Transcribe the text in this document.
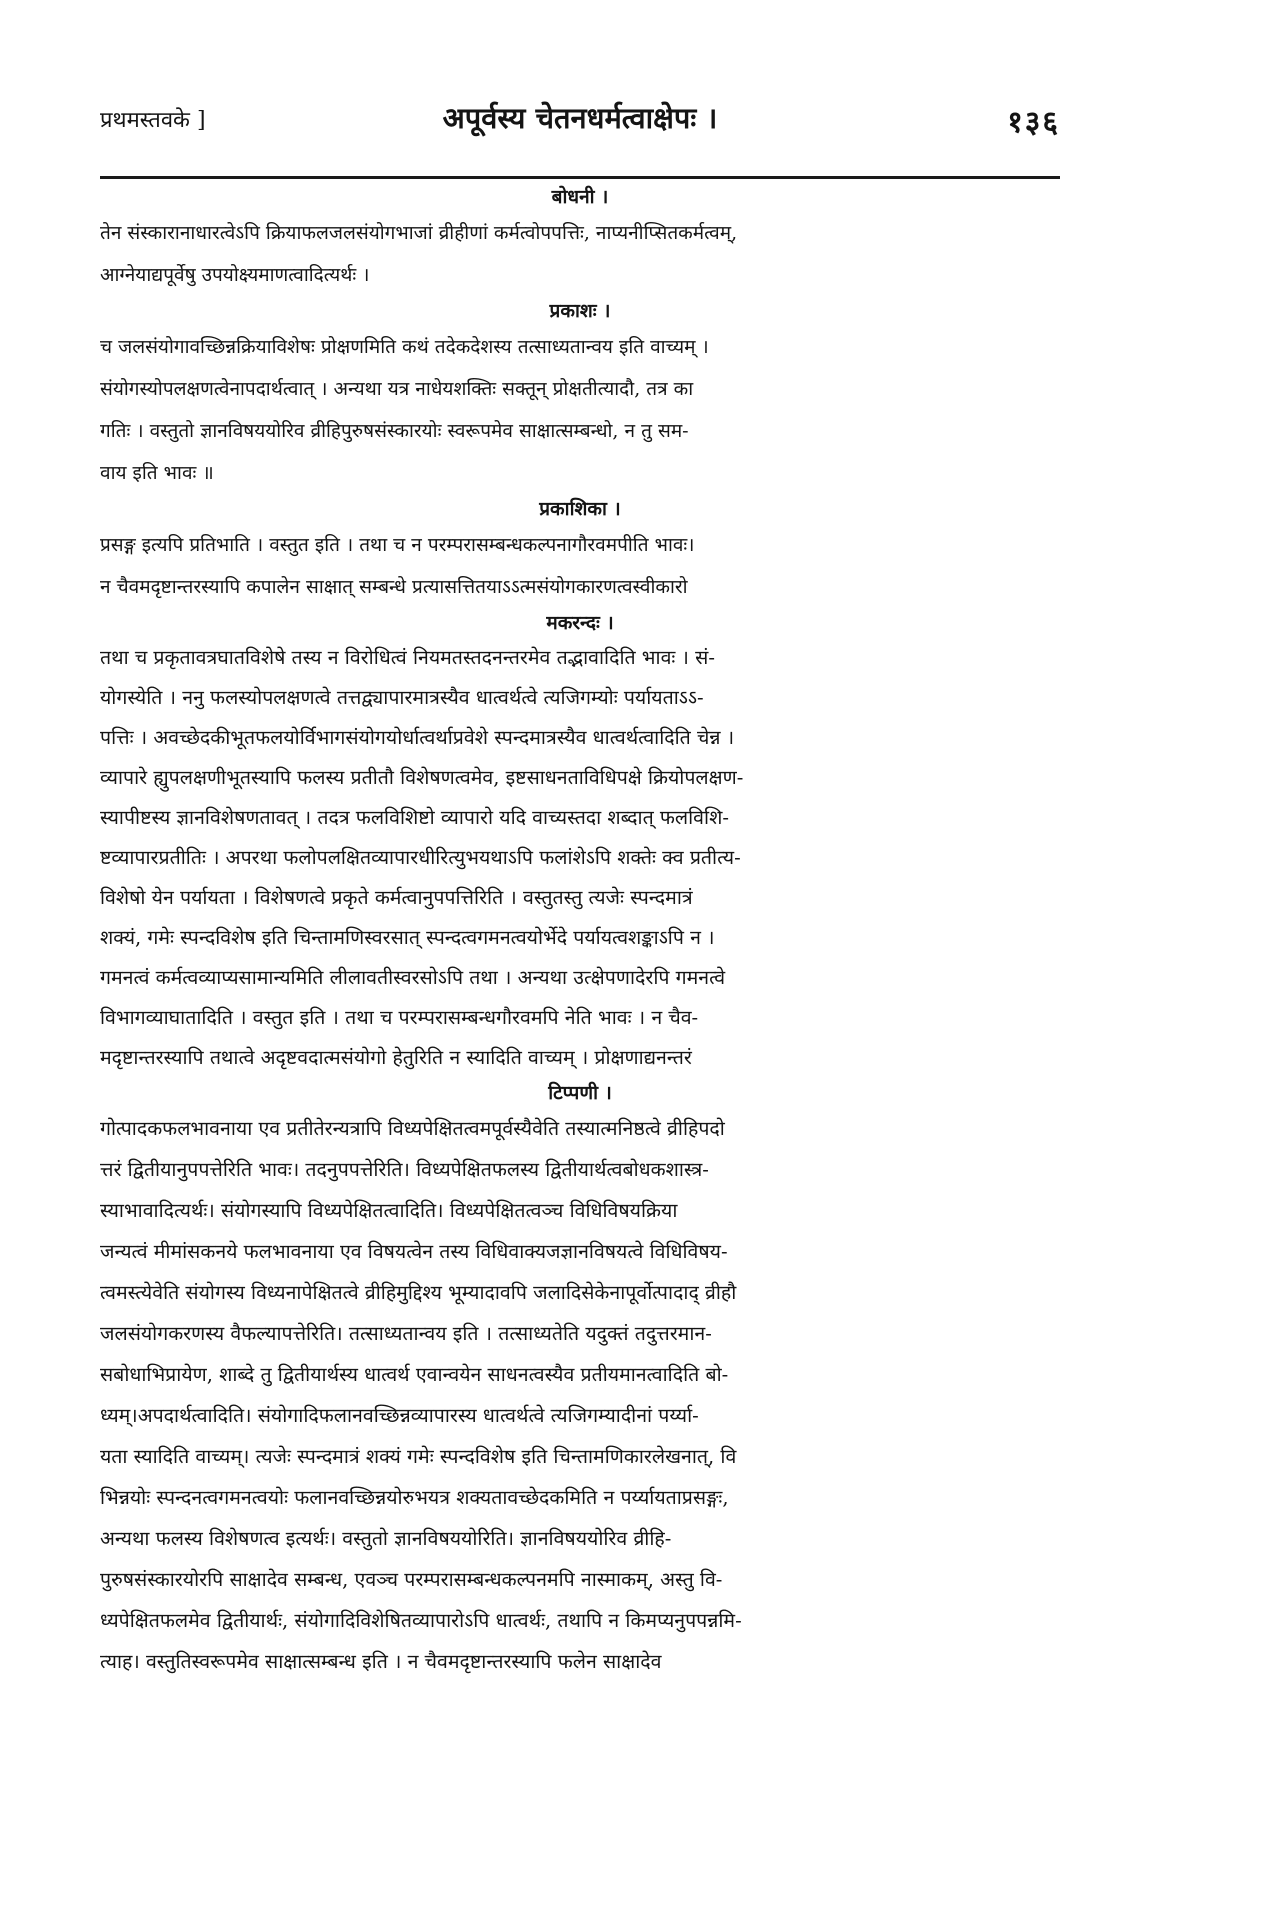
प्रथमस्तवके ]	अपूर्वस्य चेतनधर्मत्वाक्षेपः ।	१३६
बोधनी ।
तेन संस्कारानाधारत्वेऽपि क्रियाफलजलसंयोगभाजां व्रीहीणां कर्मत्वोपपत्तिः, नाप्यनीप्सितकर्मत्वम्,
आग्नेयाद्यपूर्वेषु उपयोक्ष्यमाणत्वादित्यर्थः ।
प्रकाशः ।
च जलसंयोगावच्छिन्नक्रियाविशेषः प्रोक्षणमिति कथं तदेकदेशस्य तत्साध्यतान्वय इति वाच्यम् ।
संयोगस्योपलक्षणत्वेनापदार्थत्वात् । अन्यथा यत्र नाधेयशक्तिः सक्तून् प्रोक्षतीत्यादौ, तत्र का
गतिः । वस्तुतो ज्ञानविषययोरिव व्रीहिपुरुषसंस्कारयोः स्वरूपमेव साक्षात्सम्बन्धो, न तु सम-
वाय इति भावः ॥
प्रकाशिका ।
प्रसङ्ग इत्यपि प्रतिभाति । वस्तुत इति । तथा च न परम्परासम्बन्धकल्पनागौरवमपीति भावः।
न चैवमदृष्टान्तरस्यापि कपालेन साक्षात् सम्बन्धे प्रत्यासत्तितयाऽऽत्मसंयोगकारणत्वस्वीकारो
मकरन्दः ।
तथा च प्रकृतावत्रघातविशेषे तस्य न विरोधित्वं नियमतस्तदनन्तरमेव तद्भावादिति भावः । सं-
योगस्येति । ननु फलस्योपलक्षणत्वे तत्तद्व्यापारमात्रस्यैव धात्वर्थत्वे त्यजिगम्योः पर्यायताऽऽ-
पत्तिः । अवच्छेदकीभूतफलयोर्विभागसंयोगयोर्धात्वर्थाप्रवेशे स्पन्दमात्रस्यैव धात्वर्थत्वादिति चेन्न ।
व्यापारे ह्युपलक्षणीभूतस्यापि फलस्य प्रतीतौ विशेषणत्वमेव, इष्टसाधनताविधिपक्षे क्रियोपलक्षण-
स्यापीष्टस्य ज्ञानविशेषणतावत् । तदत्र फलविशिष्टो व्यापारो यदि वाच्यस्तदा शब्दात् फलविशि-
ष्टव्यापारप्रतीतिः । अपरथा फलोपलक्षितव्यापारधीरित्युभयथाऽपि फलांशेऽपि शक्तेः क्व प्रतीत्य-
विशेषो येन पर्यायता । विशेषणत्वे प्रकृते कर्मत्वानुपपत्तिरिति । वस्तुतस्तु त्यजेः स्पन्दमात्रं
शक्यं, गमेः स्पन्दविशेष इति चिन्तामणिस्वरसात् स्पन्दत्वगमनत्वयोर्भेदे पर्यायत्वशङ्काऽपि न ।
गमनत्वं कर्मत्वव्याप्यसामान्यमिति लीलावतीस्वरसोऽपि तथा । अन्यथा उत्क्षेपणादेरपि गमनत्वे
विभागव्याघातादिति । वस्तुत इति । तथा च परम्परासम्बन्धगौरवमपि नेति भावः । न चैव-
मदृष्टान्तरस्यापि तथात्वे अदृष्टवदात्मसंयोगो हेतुरिति न स्यादिति वाच्यम् । प्रोक्षणाद्यनन्तरं
टिप्पणी ।
गोत्पादकफलभावनाया एव प्रतीतेरन्यत्रापि विध्यपेक्षितत्वमपूर्वस्यैवेति तस्यात्मनिष्ठत्वे व्रीहिपदो
त्तरं द्वितीयानुपपत्तेरिति भावः। तदनुपपत्तेरिति। विध्यपेक्षितफलस्य द्वितीयार्थत्वबोधकशास्त्र-
स्याभावादित्यर्थः। संयोगस्यापि विध्यपेक्षितत्वादिति। विध्यपेक्षितत्वञ्च विधिविषयक्रिया
जन्यत्वं मीमांसकनये फलभावनाया एव विषयत्वेन तस्य विधिवाक्यजज्ञानविषयत्वे विधिविषय-
त्वमस्त्येवेति संयोगस्य विध्यनापेक्षितत्वे व्रीहिमुद्दिश्य भूम्यादावपि जलादिसेकेनापूर्वोत्पादाद् व्रीहौ
जलसंयोगकरणस्य वैफल्यापत्तेरिति। तत्साध्यतान्वय इति । तत्साध्यतेति यदुक्तं तदुत्तरमान-
सबोधाभिप्रायेण, शाब्दे तु द्वितीयार्थस्य धात्वर्थ एवान्वयेन साधनत्वस्यैव प्रतीयमानत्वादिति बो-
ध्यम्।अपदार्थत्वादिति। संयोगादिफलानवच्छिन्नव्यापारस्य धात्वर्थत्वे त्यजिगम्यादीनां पर्य्या-
यता स्यादिति वाच्यम्। त्यजेः स्पन्दमात्रं शक्यं गमेः स्पन्दविशेष इति चिन्तामणिकारलेखनात्, वि
भिन्नयोः स्पन्दनत्वगमनत्वयोः फलानवच्छिन्नयोरुभयत्र शक्यतावच्छेदकमिति न पर्य्यायताप्रसङ्गः,
अन्यथा फलस्य विशेषणत्व इत्यर्थः। वस्तुतो ज्ञानविषययोरिति। ज्ञानविषययोरिव व्रीहि-
पुरुषसंस्कारयोरपि साक्षादेव सम्बन्ध, एवञ्च परम्परासम्बन्धकल्पनमपि नास्माकम्, अस्तु वि-
ध्यपेक्षितफलमेव द्वितीयार्थः, संयोगादिविशेषितव्यापारोऽपि धात्वर्थः, तथापि न किमप्यनुपपन्नमि-
त्याह। वस्तुतिस्वरूपमेव साक्षात्सम्बन्ध इति । न चैवमदृष्टान्तरस्यापि फलेन साक्षादेव
